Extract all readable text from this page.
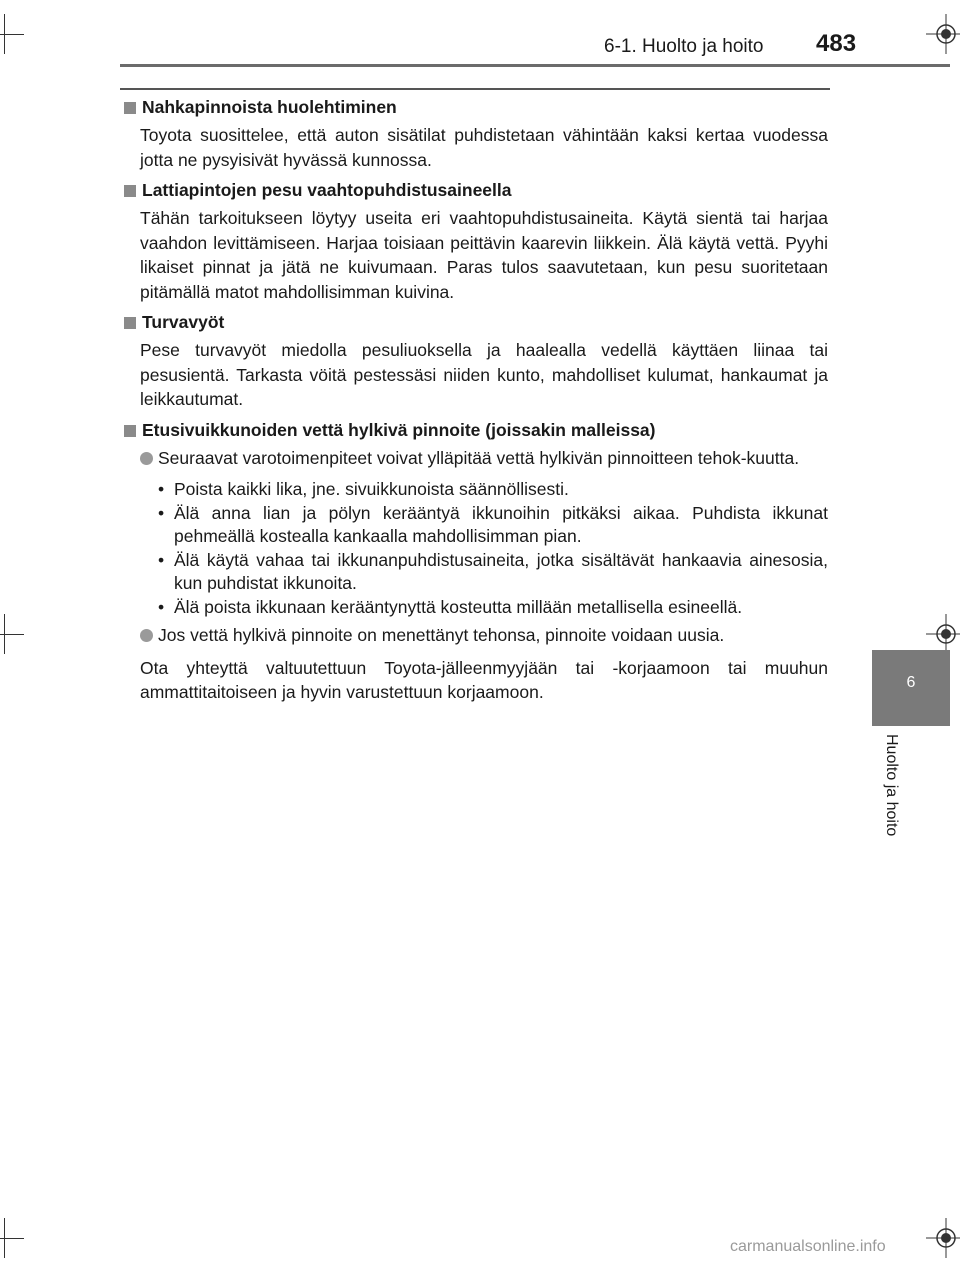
6-1. Huolto ja hoito 483
Nahkapinnoista huolehtiminen
Toyota suosittelee, että auton sisätilat puhdistetaan vähintään kaksi kertaa vuodessa jotta ne pysyisivät hyvässä kunnossa.
Lattiapintojen pesu vaahtopuhdistusaineella
Tähän tarkoitukseen löytyy useita eri vaahtopuhdistusaineita. Käytä sientä tai harjaa vaahdon levittämiseen. Harjaa toisiaan peittävin kaarevin liikkein. Älä käytä vettä. Pyyhi likaiset pinnat ja jätä ne kuivumaan. Paras tulos saavutetaan, kun pesu suoritetaan pitämällä matot mahdollisimman kuivina.
Turvavyöt
Pese turvavyöt miedolla pesuliuoksella ja haalealla vedellä käyttäen liinaa tai pesusientä. Tarkasta vöitä pestessäsi niiden kunto, mahdolliset kulumat, hankaumat ja leikkautumat.
Etusivuikkunoiden vettä hylkivä pinnoite (joissakin malleissa)
Seuraavat varotoimenpiteet voivat ylläpitää vettä hylkivän pinnoitteen tehok-kuutta.
• Poista kaikki lika, jne. sivuikkunoista säännöllisesti.
• Älä anna lian ja pölyn kerääntyä ikkunoihin pitkäksi aikaa. Puhdista ikkunat pehmeällä kostealla kankaalla mahdollisimman pian.
• Älä käytä vahaa tai ikkunanpuhdistusaineita, jotka sisältävät hankaavia ainesosia, kun puhdistat ikkunoita.
• Älä poista ikkunaan kerääntynyttä kosteutta millään metallisella esineellä.
Jos vettä hylkivä pinnoite on menettänyt tehonsa, pinnoite voidaan uusia.
Ota yhteyttä valtuutettuun Toyota-jälleenmyyjään tai -korjaamoon tai muuhun ammattitaitoiseen ja hyvin varustettuun korjaamoon.	6
Huolto ja hoito
carmanualsonline.info
